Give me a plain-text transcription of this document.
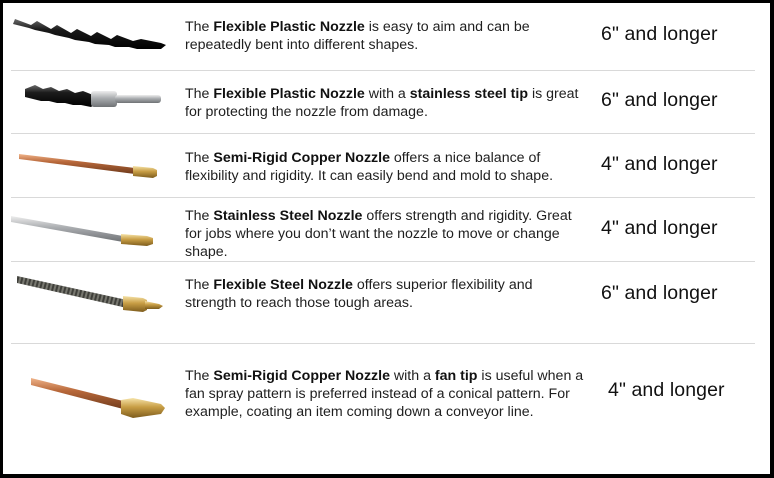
The Flexible Plastic Nozzle is easy to aim and can be repeatedly bent into different shapes.	6" and longer
The Flexible Plastic Nozzle with a stainless steel tip is great for protecting the nozzle from damage.
6" and longer
The Semi-Rigid Copper Nozzle offers a nice balance of flexibility and rigidity. It can easily bend and mold to shape.
4" and longer
The Stainless Steel Nozzle offers strength and rigidity. Great for jobs where you don’t want the nozzle to move or change shape.
4" and longer
The Flexible Steel Nozzle offers superior flexibility and strength to reach those tough areas.	6" and longer
The Semi-Rigid Copper Nozzle with a fan tip is useful when a fan spray pattern is preferred instead of a conical pattern. For example, coating an item coming down a conveyor line.
4" and longer
